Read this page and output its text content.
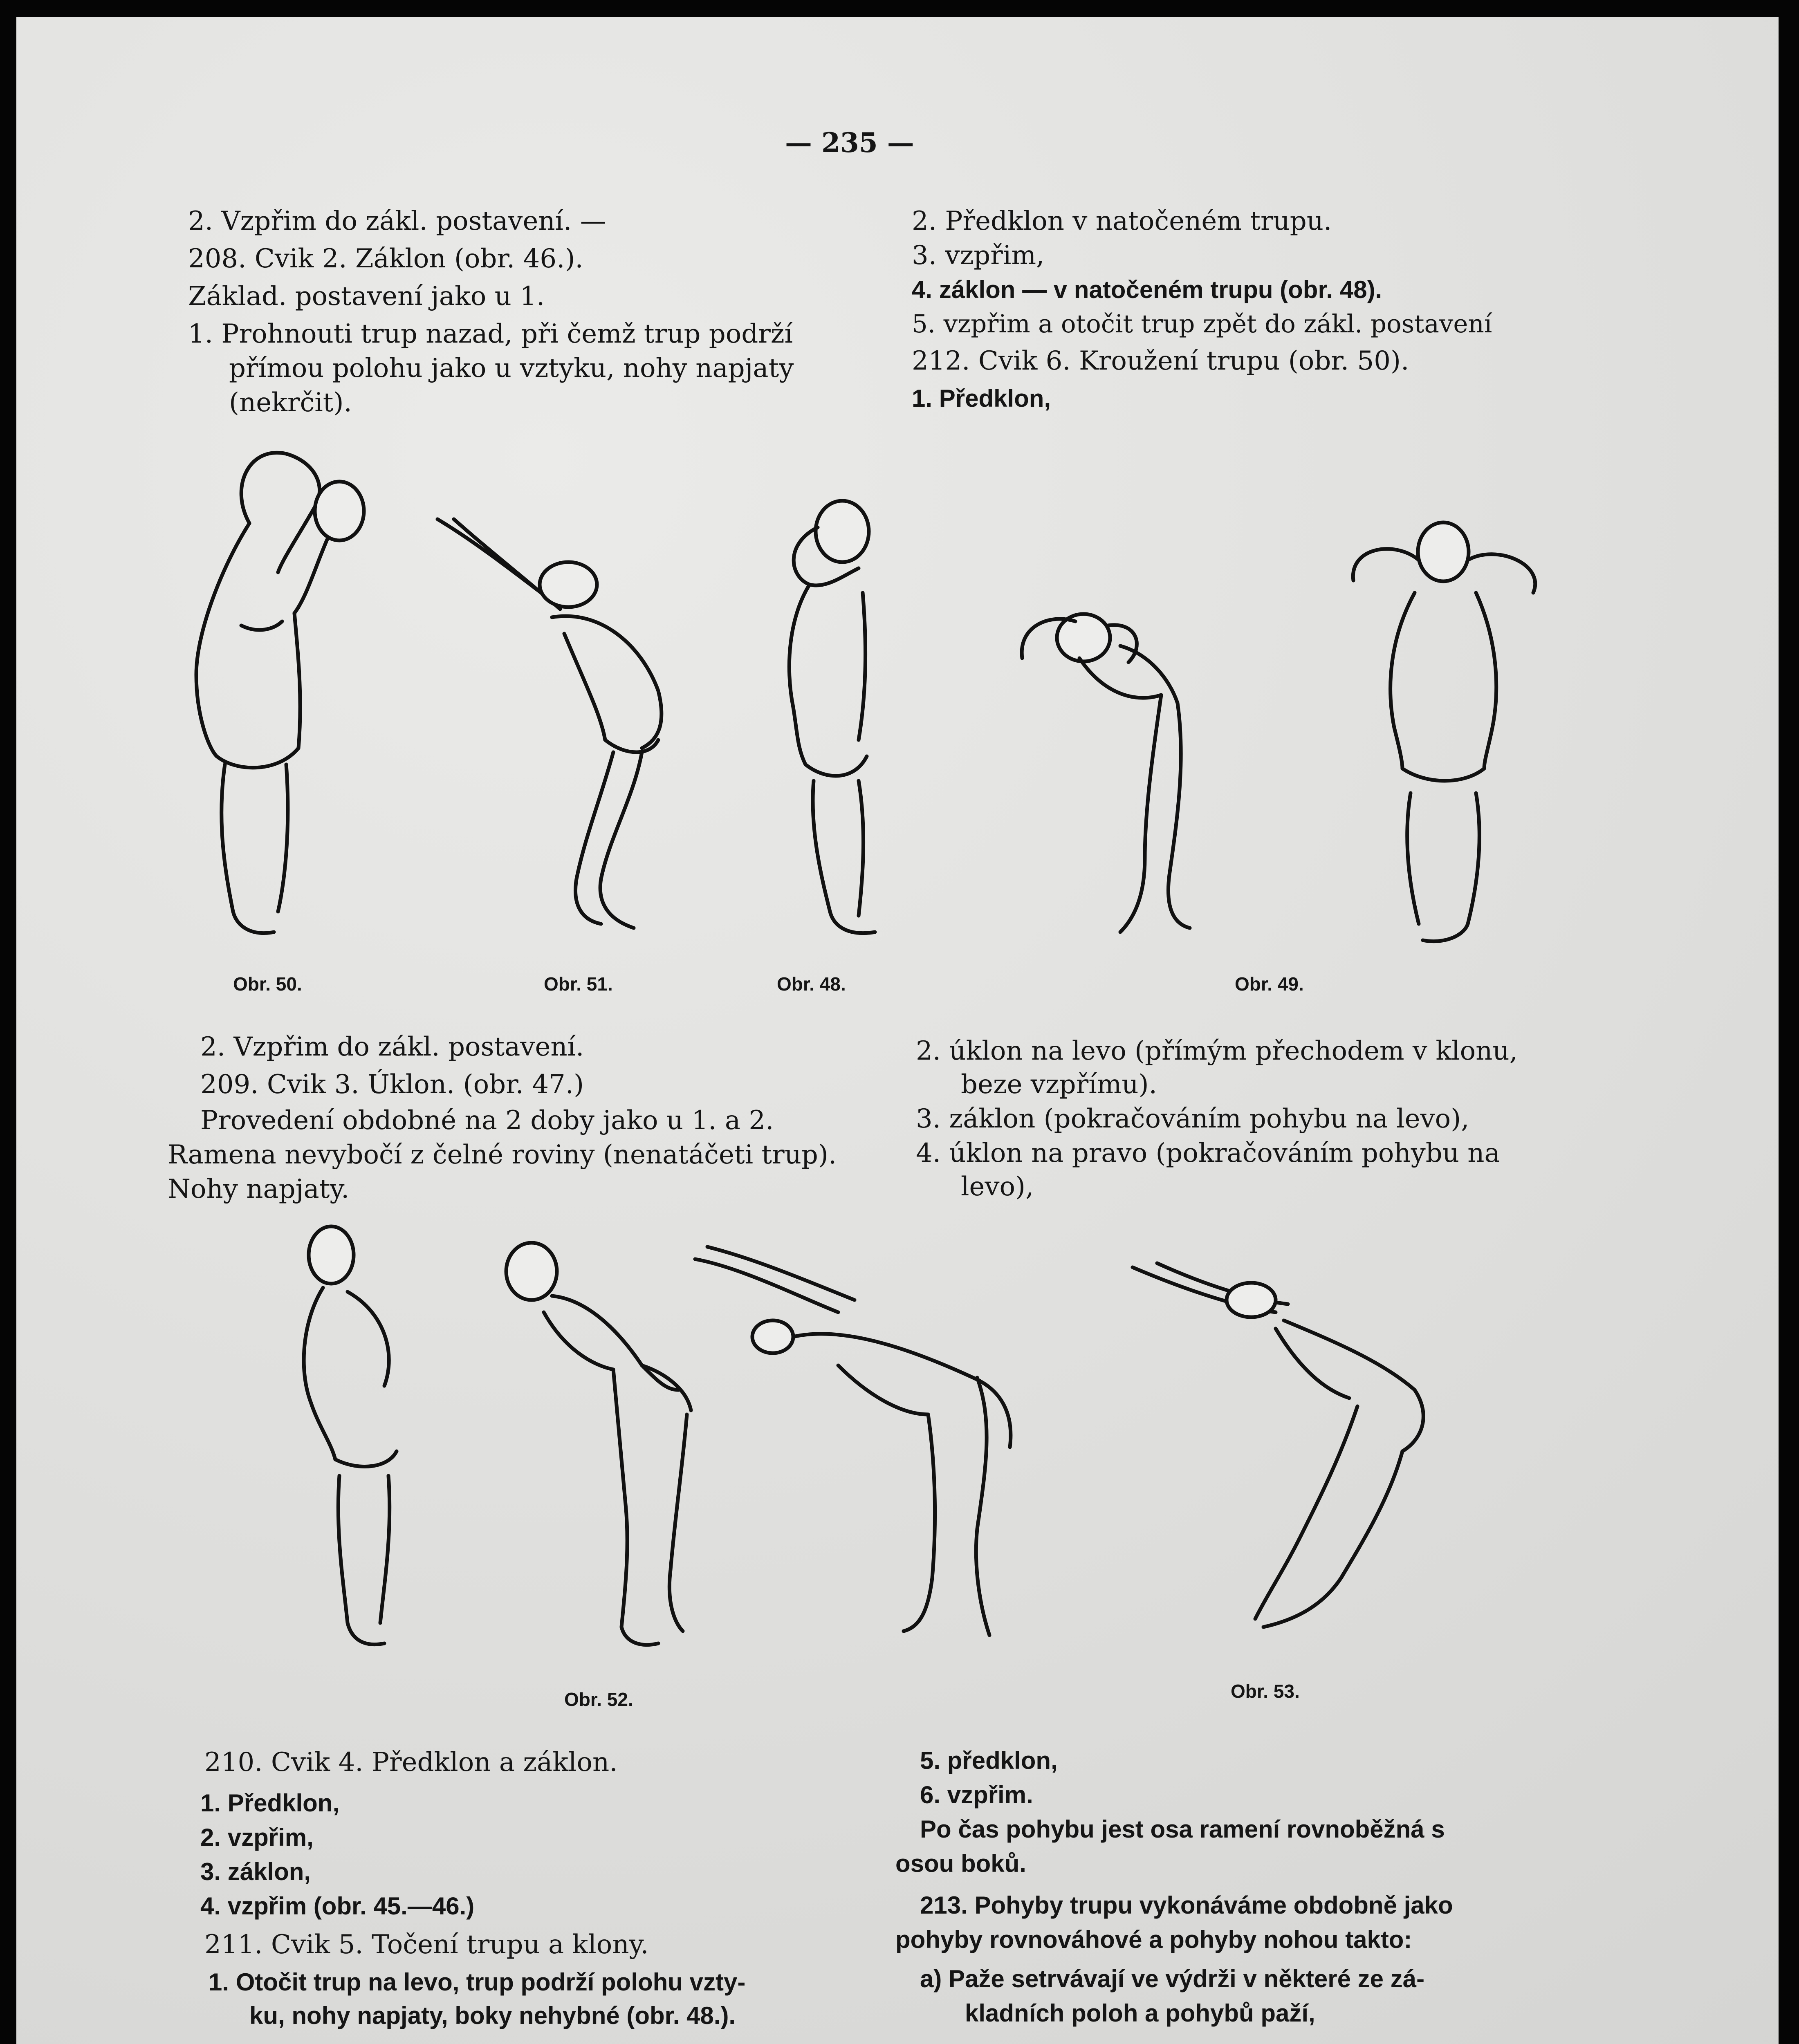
— 235 —
2. Vzpřim do zákl. postavení. —
208. Cvik 2. Záklon (obr. 46.).
Základ. postavení jako u 1.
1. Prohnouti trup nazad, při čemž trup podrží
přímou polohu jako u vztyku, nohy napjaty
(nekrčit).
2. Předklon v natočeném trupu.
3. vzpřim,
4. záklon — v natočeném trupu (obr. 48).
5. vzpřim a otočit trup zpět do zákl. postavení
212. Cvik 6. Kroužení trupu (obr. 50).
1. Předklon,
Obr. 50.	Obr. 51.	Obr. 48.	Obr. 49.
2. Vzpřim do zákl. postavení.
209. Cvik 3. Úklon. (obr. 47.)
Provedení obdobné na 2 doby jako u 1. a 2.
Ramena nevybočí z čelné roviny (nenatáčeti trup).
Nohy napjaty.
2. úklon na levo (přímým přechodem v klonu,
beze vzpřímu).
3. záklon (pokračováním pohybu na levo),
4. úklon na pravo (pokračováním pohybu na
levo),
Obr. 52.	Obr. 53.
210. Cvik 4. Předklon a záklon.
1. Předklon,
2. vzpřim,
3. záklon,
4. vzpřim (obr. 45.—46.)
211. Cvik 5. Točení trupu a klony.
1. Otočit trup na levo, trup podrží polohu vzty-
ku, nohy napjaty, boky nehybné (obr. 48.).
5. předklon,
6. vzpřim.
Po čas pohybu jest osa ramení rovnoběžná s
osou boků.
213. Pohyby trupu vykonáváme obdobně jako
pohyby rovnováhové a pohyby nohou takto:
a) Paže setrvávají ve výdrži v některé ze zá-
kladních poloh a pohybů paží,
